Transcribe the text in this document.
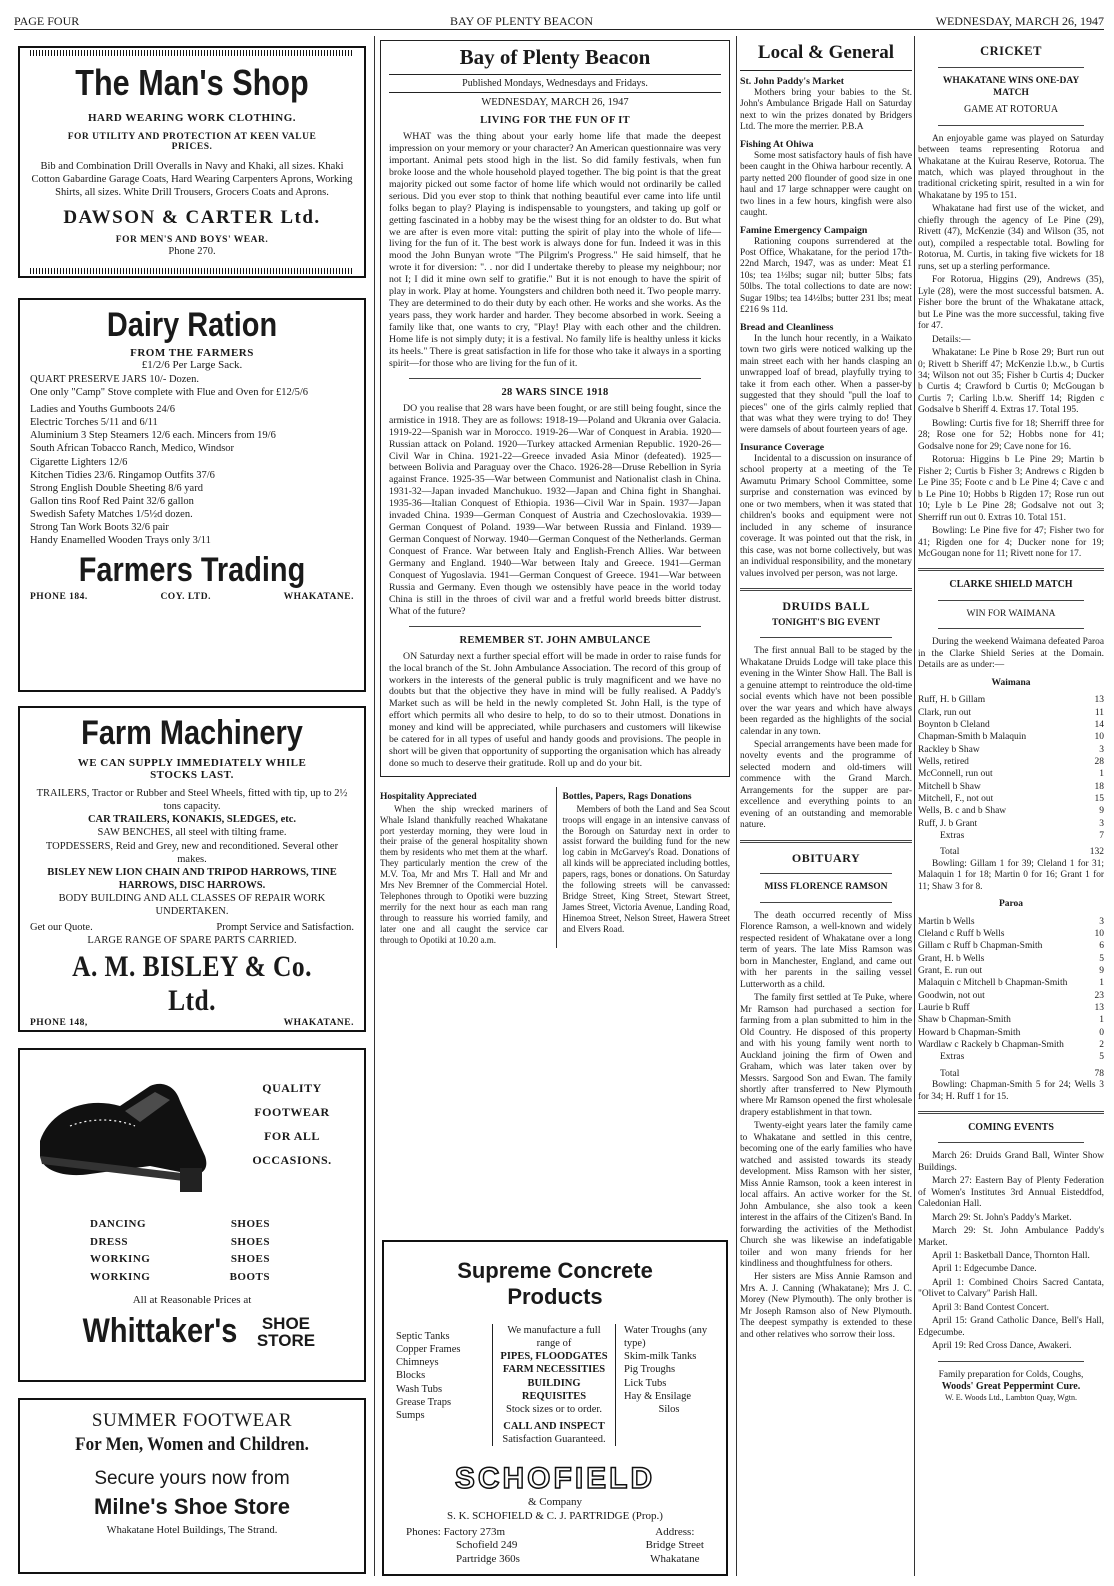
PAGE FOUR	BAY OF PLENTY BEACON	WEDNESDAY, MARCH 26, 1947
The Man's Shop
HARD WEARING WORK CLOTHING.
FOR UTILITY AND PROTECTION AT KEEN VALUE PRICES.

Bib and Combination Drill Overalls in Navy and Khaki, all sizes. Khaki Cotton Gabardine Garage Coats, Hard Wearing Carpenters Aprons, Working Shirts, all sizes. White Drill Trousers, Grocers Coats and Aprons.

DAWSON & CARTER Ltd.
FOR MEN'S AND BOYS' WEAR.
Phone 270.
Dairy Ration
FROM THE FARMERS
£1/2/6 Per Large Sack.
QUART PRESERVE JARS 10/- Dozen.
One only "Camp" Stove complete with Flue and Oven for £12/5/6
Ladies and Youths Gumboots 24/6
Electric Torches 5/11 and 6/11
Aluminium 3 Step Steamers 12/6 each. Mincers from 19/6
South African Tobacco Ranch, Medico, Windsor
Cigarette Lighters 12/6
Kitchen Tidies 23/6. Ringamop Outfits 37/6
Strong English Double Sheeting 8/6 yard
Gallon tins Roof Red Paint 32/6 gallon
Swedish Safety Matches 1/5½d dozen.
Strong Tan Work Boots 32/6 pair
Handy Enamelled Wooden Trays only 3/11
Farmers Trading
PHONE 184.	COY. LTD.	WHAKATANE.
Farm Machinery
WE CAN SUPPLY IMMEDIATELY WHILE STOCKS LAST.

TRAILERS, Tractor or Rubber and Steel Wheels, fitted with tip, up to 2½ tons capacity.

CAR TRAILERS, KONAKIS, SLEDGES, etc.

SAW BENCHES, all steel with tilting frame.

TOPDESSERS, Reid and Grey, new and reconditioned. Several other makes.

BISLEY NEW LION CHAIN AND TRIPOD HARROWS, TINE HARROWS, DISC HARROWS.

BODY BUILDING AND ALL CLASSES OF REPAIR WORK UNDERTAKEN.

Get our Quote.	Prompt Service and Satisfaction.
LARGE RANGE OF SPARE PARTS CARRIED.
A. M. BISLEY & Co. Ltd.
PHONE 148,	WHAKATANE.
QUALITY
FOOTWEAR
FOR ALL
OCCASIONS.
DANCING	SHOES
DRESS	SHOES
WORKING	SHOES
WORKING	BOOTS
All at Reasonable Prices at
Whittaker's SHOE
STORE
SUMMER FOOTWEAR
For Men, Women and Children.
Secure yours now from
Milne's Shoe Store
Whakatane Hotel Buildings, The Strand.
Bay of Plenty Beacon
Published Mondays, Wednesdays and Fridays.
WEDNESDAY, MARCH 26, 1947
LIVING FOR THE FUN OF IT

WHAT was the thing about your early home life that made the deepest impression on your memory or your character? An American questionnaire was very important. Animal pets stood high in the list. So did family festivals, when fun broke loose and the whole household played together. The big point is that the great majority picked out some factor of home life which would not ordinarily be called serious. Did you ever stop to think that nothing beautiful ever came into life until folks began to play? Playing is indispensable to youngsters, and taking up golf or getting fascinated in a hobby may be the wisest thing for an oldster to do. But what we are after is even more vital: putting the spirit of play into the whole of life—living for the fun of it. The best work is always done for fun. Indeed it was in this mood the John Bunyan wrote "The Pilgrim's Progress." He said himself, that he wrote it for diversion: ". . nor did I undertake thereby to please my neighbour; nor not I; I did it mine own self to gratifie." But it is not enough to have the spirit of play in work. Play at home. Youngsters and children both need it. Two people marry. They are determined to do their duty by each other. He works and she works. As the years pass, they work harder and harder. They become absorbed in work. Seeing a family like that, one wants to cry, "Play! Play with each other and the children. Home life is not simply duty; it is a festival. No family life is healthy unless it kicks its heels." There is great satisfaction in life for those who take it always in a sporting spirit—for those who are living for the fun of it.

28 WARS SINCE 1918

DO you realise that 28 wars have been fought, or are still being fought, since the armistice in 1918. They are as follows: 1918-19—Poland and Ukrania over Galacia. 1919-22—Spanish war in Morocco. 1919-26—War of Conquest in Arabia. 1920—Russian attack on Poland. 1920—Turkey attacked Armenian Republic. 1920-26—Civil War in China. 1921-22—Greece invaded Asia Minor (defeated). 1925—between Bolivia and Paraguay over the Chaco. 1926-28—Druse Rebellion in Syria against France. 1925-35—War between Communist and Nationalist clash in China. 1931-32—Japan invaded Manchukuo. 1932—Japan and China fight in Shanghai. 1935-36—Italian Conquest of Ethiopia. 1936—Civil War in Spain. 1937—Japan invaded China. 1939—German Conquest of Austria and Czechoslovakia. 1939—German Conquest of Poland. 1939—War between Russia and Finland. 1939—German Conquest of Norway. 1940—German Conquest of the Netherlands. German Conquest of France. War between Italy and English-French Allies. War between Germany and England. 1940—War between Italy and Greece. 1941—German Conquest of Yugoslavia. 1941—German Conquest of Greece. 1941—War between Russia and Germany. Even though we ostensibly have peace in the world today China is still in the throes of civil war and a fretful world breeds bitter distrust. What of the future?

REMEMBER ST. JOHN AMBULANCE

ON Saturday next a further special effort will be made in order to raise funds for the local branch of the St. John Ambulance Association. The record of this group of workers in the interests of the general public is truly magnificent and we have no doubts but that the objective they have in mind will be fully realised. A Paddy's Market such as will be held in the newly completed St. John Hall, is the type of effort which permits all who desire to help, to do so to their utmost. Donations in money and kind will be appreciated, while purchasers and customers will likewise be catered for in all types of useful and handy goods and provisions. The people in short will be given that opportunity of supporting the organisation which has already done so much to deserve their gratitude. Roll up and do your bit.

Hospitality Appreciated

When the ship wrecked mariners of Whale Island thankfully reached Whakatane port yesterday morning, they were loud in their praise of the general hospitality shown them by residents who met them at the wharf. They particularly mention the crew of the M.V. Toa, Mr and Mrs T. Hall and Mr and Mrs Nev Bremner of the Commercial Hotel. Telephones through to Opotiki were buzzing merrily for the next hour as each man rang through to reassure his worried family, and later one and all caught the service car through to Opotiki at 10.20 a.m.

Bottles, Papers, Rags Donations

Members of both the Land and Sea Scout troops will engage in an intensive canvass of the Borough on Saturday next in order to assist forward the building fund for the new log cabin in McGarvey's Road. Donations of all kinds will be appreciated including bottles, papers, rags, bones or donations. On Saturday the following streets will be canvassed: Bridge Street, King Street, Stewart Street, James Street, Victoria Avenue, Landing Road, Hinemoa Street, Nelson Street, Hawera Street and Elvers Road.

Supreme Concrete
Products
Septic Tanks
Copper Frames
Chimneys
Blocks
Wash Tubs
Grease Traps
Sumps
We manufacture a full range of
PIPES, FLOODGATES
FARM NECESSITIES
BUILDING REQUISITES
Stock sizes or to order.
CALL AND INSPECT
Satisfaction Guaranteed.
Water Troughs (any type)
Skim-milk Tanks
Pig Troughs
Lick Tubs
Hay & Ensilage
Silos
SCHOFIELD
& Company
S. K. SCHOFIELD & C. J. PARTRIDGE (Prop.)
Phones: Factory 273m
Schofield 249
Partridge 360s
Address:
Bridge Street
Whakatane
Local & General
St. John Paddy's Market

Mothers bring your babies to the St. John's Ambulance Brigade Hall on Saturday next to win the prizes donated by Bridgers Ltd. The more the merrier. P.B.A

Fishing At Ohiwa

Some most satisfactory hauls of fish have been caught in the Ohiwa harbour recently. A party netted 200 flounder of good size in one haul and 17 large schnapper were caught on two lines in a few hours, kingfish were also caught.

Famine Emergency Campaign

Rationing coupons surrendered at the Post Office, Whakatane, for the period 17th-22nd March, 1947, was as under: Meat £1 10s; tea 1½lbs; sugar nil; butter 5lbs; fats 50lbs. The total collections to date are now: Sugar 19lbs; tea 14½lbs; butter 231 lbs; meat £216 9s 11d.

Bread and Cleanliness

In the lunch hour recently, in a Waikato town two girls were noticed walking up the main street each with her hands clasping an unwrapped loaf of bread, playfully trying to take it from each other. When a passer-by suggested that they should "pull the loaf to pieces" one of the girls calmly replied that that was what they were trying to do! They were damsels of about fourteen years of age.

Insurance Coverage

Incidental to a discussion on insurance of school property at a meeting of the Te Awamutu Primary School Committee, some surprise and consternation was evinced by one or two members, when it was stated that children's books and equipment were not included in any scheme of insurance coverage. It was pointed out that the risk, in this case, was not borne collectively, but was an individual responsibility, and the monetary values involved per person, was not large.

DRUIDS BALL
TONIGHT'S BIG EVENT

The first annual Ball to be staged by the Whakatane Druids Lodge will take place this evening in the Winter Show Hall. The Ball is a genuine attempt to reintroduce the old-time social events which have not been possible over the war years and which have always been regarded as the highlights of the social calendar in any town.

Special arrangements have been made for novelty events and the programme of selected modern and old-timers will commence with the Grand March. Arrangements for the supper are par-excellence and everything points to an evening of an outstanding and memorable nature.

OBITUARY
MISS FLORENCE RAMSON

The death occurred recently of Miss Florence Ramson, a well-known and widely respected resident of Whakatane over a long term of years. The late Miss Ramson was born in Manchester, England, and came out with her parents in the sailing vessel Lutterworth as a child.

The family first settled at Te Puke, where Mr Ramson had purchased a section for farming from a plan submitted to him in the Old Country. He disposed of this property and with his young family went north to Auckland joining the firm of Owen and Graham, which was later taken over by Messrs. Sargood Son and Ewan. The family shortly after transferred to New Plymouth where Mr Ramson opened the first wholesale drapery establishment in that town.

Twenty-eight years later the family came to Whakatane and settled in this centre, becoming one of the early families who have watched and assisted towards its steady development. Miss Ramson with her sister, Miss Annie Ramson, took a keen interest in local affairs. An active worker for the St. John Ambulance, she also took a keen interest in the affairs of the Citizen's Band. In forwarding the activities of the Methodist Church she was likewise an indefatigable toiler and won many friends for her kindliness and thoughtfulness for others.

Her sisters are Miss Annie Ramson and Mrs A. J. Canning (Whakatane); Mrs J. C. Morey (New Plymouth). The only brother is Mr Joseph Ramson also of New Plymouth. The deepest sympathy is extended to these and other relatives who sorrow their loss.

CRICKET
WHAKATANE WINS ONE-DAY MATCH
GAME AT ROTORUA

An enjoyable game was played on Saturday between teams representing Rotorua and Whakatane at the Kuirau Reserve, Rotorua. The match, which was played throughout in the traditional cricketing spirit, resulted in a win for Whakatane by 195 to 151.

Whakatane had first use of the wicket, and chiefly through the agency of Le Pine (29), Rivett (47), McKenzie (34) and Wilson (35, not out), compiled a respectable total. Bowling for Rotorua, M. Curtis, in taking five wickets for 18 runs, set up a sterling performance.

For Rotorua, Higgins (29), Andrews (35), Lyle (28), were the most successful batsmen. A. Fisher bore the brunt of the Whakatane attack, but Le Pine was the more successful, taking five for 47.

Details:—

Whakatane: Le Pine b Rose 29; Burt run out 0; Rivett b Sheriff 47; McKenzie l.b.w., b Curtis 34; Wilson not out 35; Fisher b Curtis 4; Ducker b Curtis 4; Crawford b Curtis 0; McGougan b Curtis 7; Carling l.b.w. Sheriff 14; Rigden c Godsalve b Sheriff 4. Extras 17. Total 195.

Bowling: Curtis five for 18; Sherriff three for 28; Rose one for 52; Hobbs none for 41; Godsalve none for 29; Cave none for 16.

Rotorua: Higgins b Le Pine 29; Martin b Fisher 2; Curtis b Fisher 3; Andrews c Rigden b Le Pine 35; Foote c and b Le Pine 4; Cave c and b Le Pine 10; Hobbs b Rigden 17; Rose run out 10; Lyle b Le Pine 28; Godsalve not out 3; Sherriff run out 0. Extras 10. Total 151.

Bowling: Le Pine five for 47; Fisher two for 41; Rigden one for 4; Ducker none for 19; McGougan none for 11; Rivett none for 17.

CLARKE SHIELD MATCH
WIN FOR WAIMANA

During the weekend Waimana defeated Paroa in the Clarke Shield Series at the Domain. Details are as under:—

Waimana
Ruff, H. b Gillam	13
Clark, run out	11
Boynton b Cleland	14
Chapman-Smith b Malaquin	10
Rackley b Shaw	3
Wells, retired	28
McConnell, run out	1
Mitchell b Shaw	18
Mitchell, F., not out	15
Wells, B. c and b Shaw	9
Ruff, J. b Grant	3
Extras	7
Total	132

Bowling: Gillam 1 for 39; Cleland 1 for 31; Malaquin 1 for 18; Martin 0 for 16; Grant 1 for 11; Shaw 3 for 8.

Paroa
Martin b Wells	3
Cleland c Ruff b Wells	10
Gillam c Ruff b Chapman-Smith	6
Grant, H. b Wells	5
Grant, E. run out	9
Malaquin c Mitchell b Chapman-Smith	1
Goodwin, not out	23
Laurie b Ruff	13
Shaw b Chapman-Smith	1
Howard b Chapman-Smith	0
Wardlaw c Rackely b Chapman-Smith	2
Extras	5
Total	78

Bowling: Chapman-Smith 5 for 24; Wells 3 for 34; H. Ruff 1 for 15.

COMING EVENTS

March 26: Druids Grand Ball, Winter Show Buildings.

March 27: Eastern Bay of Plenty Federation of Women's Institutes 3rd Annual Eisteddfod, Caledonian Hall.

March 29: St. John's Paddy's Market.

March 29: St. John Ambulance Paddy's Market.

April 1: Basketball Dance, Thornton Hall.

April 1: Edgecumbe Dance.

April 1: Combined Choirs Sacred Cantata, "Olivet to Calvary" Parish Hall.

April 3: Band Contest Concert.

April 15: Grand Catholic Dance, Bell's Hall, Edgecumbe.

April 19: Red Cross Dance, Awakeri.

Family preparation for Colds, Coughs,
Woods' Great Peppermint Cure.
W. E. Woods Ltd., Lambton Quay, Wgtn.
